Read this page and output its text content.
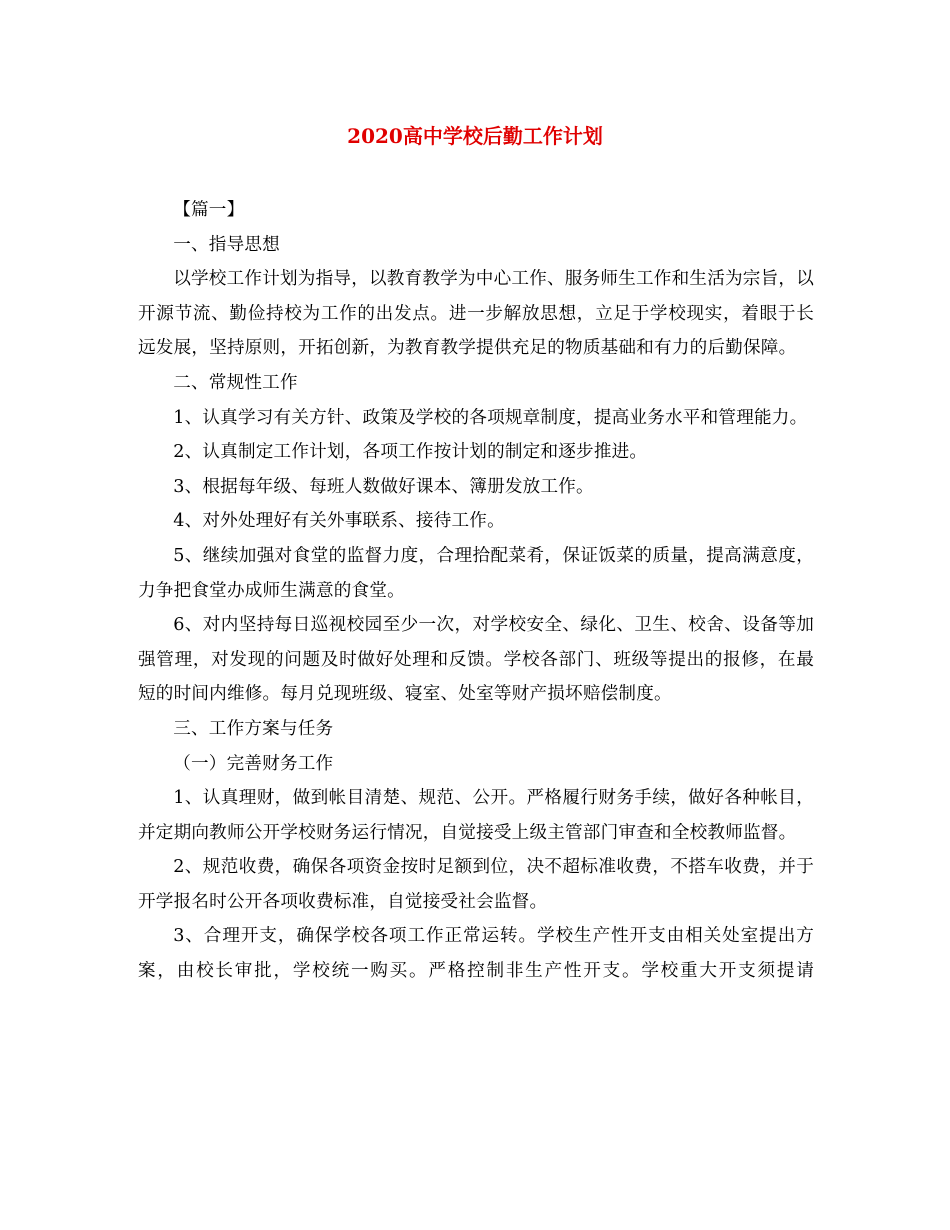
2020高中学校后勤工作计划

【篇一】

一、指导思想

以学校工作计划为指导，以教育教学为中心工作、服务师生工作和生活为宗旨，以开源节流、勤俭持校为工作的出发点。进一步解放思想，立足于学校现实，着眼于长远发展，坚持原则，开拓创新，为教育教学提供充足的物质基础和有力的后勤保障。

二、常规性工作

1、认真学习有关方针、政策及学校的各项规章制度，提高业务水平和管理能力。

2、认真制定工作计划，各项工作按计划的制定和逐步推进。

3、根据每年级、每班人数做好课本、簿册发放工作。

4、对外处理好有关外事联系、接待工作。

5、继续加强对食堂的监督力度，合理拾配菜肴，保证饭菜的质量，提高满意度，力争把食堂办成师生满意的食堂。

6、对内坚持每日巡视校园至少一次，对学校安全、绿化、卫生、校舍、设备等加强管理，对发现的问题及时做好处理和反馈。学校各部门、班级等提出的报修，在最短的时间内维修。每月兑现班级、寝室、处室等财产损坏赔偿制度。

三、工作方案与任务

（一）完善财务工作

1、认真理财，做到帐目清楚、规范、公开。严格履行财务手续，做好各种帐目，并定期向教师公开学校财务运行情况，自觉接受上级主管部门审查和全校教师监督。

2、规范收费，确保各项资金按时足额到位，决不超标准收费，不搭车收费，并于开学报名时公开各项收费标准，自觉接受社会监督。

3、合理开支，确保学校各项工作正常运转。学校生产性开支由相关处室提出方案，由校长审批，学校统一购买。严格控制非生产性开支。学校重大开支须提请
